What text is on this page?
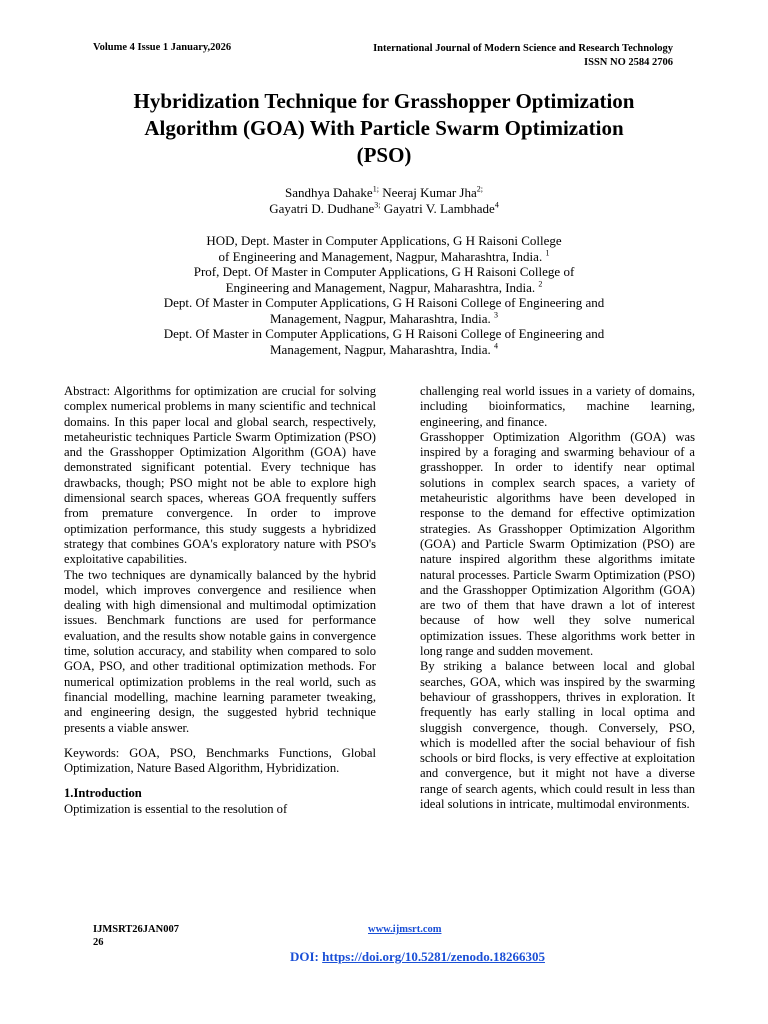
Volume 4 Issue 1 January,2026	International Journal of Modern Science and Research Technology
ISSN NO 2584 2706
Hybridization Technique for Grasshopper Optimization
Algorithm (GOA) With Particle Swarm Optimization
(PSO)
Sandhya Dahake$^{1;}$ Neeraj Kumar Jha$^{2;}$
Gayatri D. Dudhane$^{3;}$ Gayatri V. Lambhade$^4$

HOD, Dept. Master in Computer Applications, G H Raisoni College

of Engineering and Management, Nagpur, Maharashtra, India. $^1$

Prof, Dept. Of Master in Computer Applications, G H Raisoni College of

Engineering and Management, Nagpur, Maharashtra, India. $^2$

Dept. Of Master in Computer Applications, G H Raisoni College of Engineering and

Management, Nagpur, Maharashtra, India. $^3$

Dept. Of Master in Computer Applications, G H Raisoni College of Engineering and

Management, Nagpur, Maharashtra, India. $^4$

Abstract: Algorithms for optimization are crucial for solving complex numerical problems in many scientific and technical domains. In this paper local and global search, respectively, metaheuristic techniques Particle Swarm Optimization (PSO) and the Grasshopper Optimization Algorithm (GOA) have demonstrated significant potential. Every technique has drawbacks, though; PSO might not be able to explore high dimensional search spaces, whereas GOA frequently suffers from premature convergence. In order to improve optimization performance, this study suggests a hybridized strategy that combines GOA's exploratory nature with PSO's exploitative capabilities.

The two techniques are dynamically balanced by the hybrid model, which improves convergence and resilience when dealing with high dimensional and multimodal optimization issues. Benchmark functions are used for performance evaluation, and the results show notable gains in convergence time, solution accuracy, and stability when compared to solo GOA, PSO, and other traditional optimization methods. For numerical optimization problems in the real world, such as financial modelling, machine learning parameter tweaking, and engineering design, the suggested hybrid technique presents a viable answer.

Keywords: GOA, PSO, Benchmarks Functions, Global Optimization, Nature Based Algorithm, Hybridization.

1.Introduction

Optimization is essential to the resolution of

challenging real world issues in a variety of domains, including bioinformatics, machine learning, engineering, and finance.

Grasshopper Optimization Algorithm (GOA) was inspired by a foraging and swarming behaviour of a grasshopper. In order to identify near optimal solutions in complex search spaces, a variety of metaheuristic algorithms have been developed in response to the demand for effective optimization strategies. As Grasshopper Optimization Algorithm (GOA) and Particle Swarm Optimization (PSO) are nature inspired algorithm these algorithms imitate natural processes. Particle Swarm Optimization (PSO) and the Grasshopper Optimization Algorithm (GOA) are two of them that have drawn a lot of interest because of how well they solve numerical optimization issues. These algorithms work better in long range and sudden movement.

By striking a balance between local and global searches, GOA, which was inspired by the swarming behaviour of grasshoppers, thrives in exploration. It frequently has early stalling in local optima and sluggish convergence, though. Conversely, PSO, which is modelled after the social behaviour of fish schools or bird flocks, is very effective at exploitation and convergence, but it might not have a diverse range of search agents, which could result in less than ideal solutions in intricate, multimodal environments.

IJMSRT26JAN007
26
www.ijmsrt.com
DOI: https://doi.org/10.5281/zenodo.18266305
